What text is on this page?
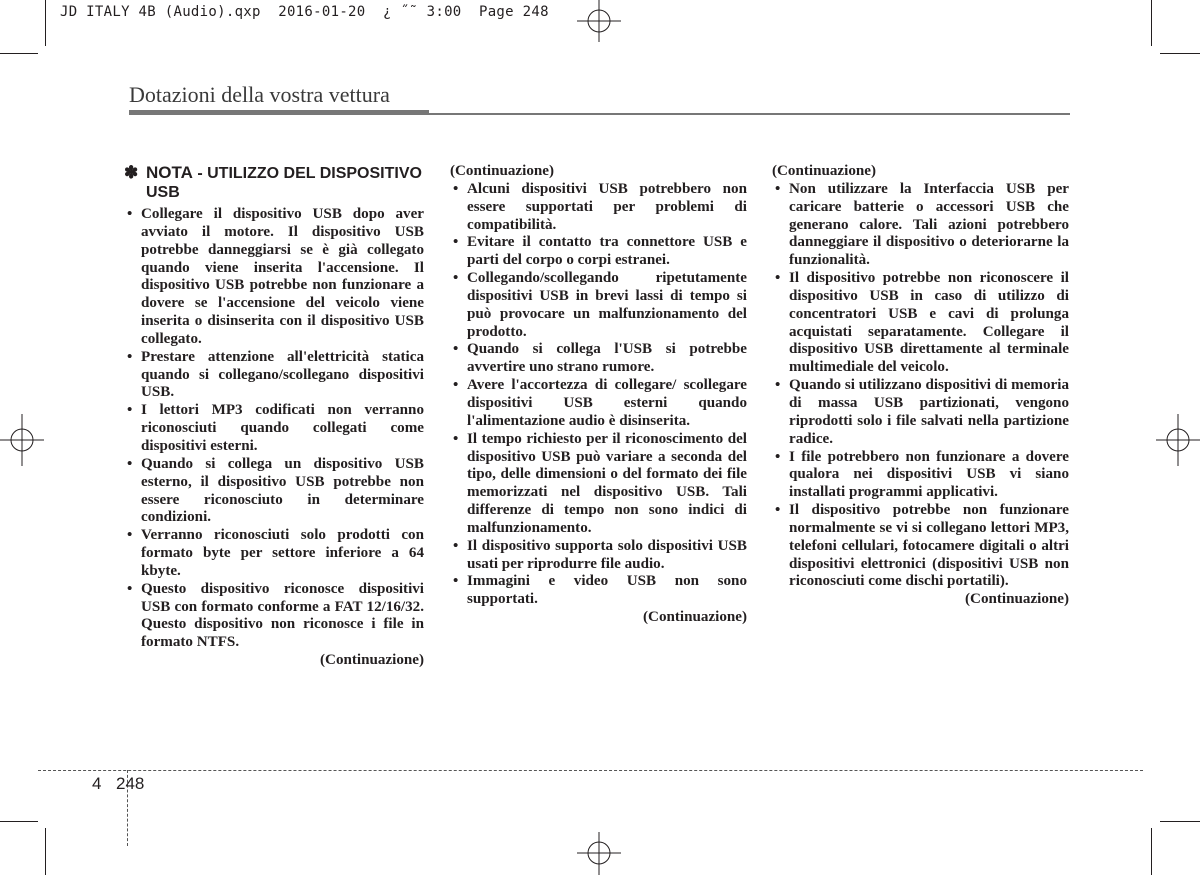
JD ITALY 4B (Audio).qxp  2016-01-20  ¿ ˝˜ 3:00  Page 248
Dotazioni della vostra vettura
✽ NOTA - UTILIZZO DEL DISPOSITIVO USB
• Collegare il dispositivo USB dopo aver avviato il motore. Il dispositivo USB potrebbe danneggiarsi se è già collegato quando viene inserita l'accensione. Il dispositivo USB potrebbe non funzionare a dovere se l'accensione del veicolo viene inserita o disinserita con il dispositivo USB collegato.
• Prestare attenzione all'elettricità statica quando si collegano/scollegano dispositivi USB.
• I lettori MP3 codificati non verranno riconosciuti quando collegati come dispositivi esterni.
• Quando si collega un dispositivo USB esterno, il dispositivo USB potrebbe non essere riconosciuto in determinare condizioni.
• Verranno riconosciuti solo prodotti con formato byte per settore inferiore a 64 kbyte.
• Questo dispositivo riconosce dispositivi USB con formato conforme a FAT 12/16/32. Questo dispositivo non riconosce i file in formato NTFS.
(Continuazione)
(Continuazione)
• Alcuni dispositivi USB potrebbero non essere supportati per problemi di compatibilità.
• Evitare il contatto tra connettore USB e parti del corpo o corpi estranei.
• Collegando/scollegando ripetutamente dispositivi USB in brevi lassi di tempo si può provocare un malfunzionamento del prodotto.
• Quando si collega l'USB si potrebbe avvertire uno strano rumore.
• Avere l'accortezza di collegare/ scollegare dispositivi USB esterni quando l'alimentazione audio è disinserita.
• Il tempo richiesto per il riconoscimento del dispositivo USB può variare a seconda del tipo, delle dimensioni o del formato dei file memorizzati nel dispositivo USB. Tali differenze di tempo non sono indici di malfunzionamento.
• Il dispositivo supporta solo dispositivi USB usati per riprodurre file audio.
• Immagini e video USB non sono supportati.
(Continuazione)
(Continuazione)
• Non utilizzare la Interfaccia USB per caricare batterie o accessori USB che generano calore. Tali azioni potrebbero danneggiare il dispositivo o deteriorarne la funzionalità.
• Il dispositivo potrebbe non riconoscere il dispositivo USB in caso di utilizzo di concentratori USB e cavi di prolunga acquistati separatamente. Collegare il dispositivo USB direttamente al terminale multimediale del veicolo.
• Quando si utilizzano dispositivi di memoria di massa USB partizionati, vengono riprodotti solo i file salvati nella partizione radice.
• I file potrebbero non funzionare a dovere qualora nei dispositivi USB vi siano installati programmi applicativi.
• Il dispositivo potrebbe non funzionare normalmente se vi si collegano lettori MP3, telefoni cellulari, fotocamere digitali o altri dispositivi elettronici (dispositivi USB non riconosciuti come dischi portatili).
(Continuazione)
4 248
